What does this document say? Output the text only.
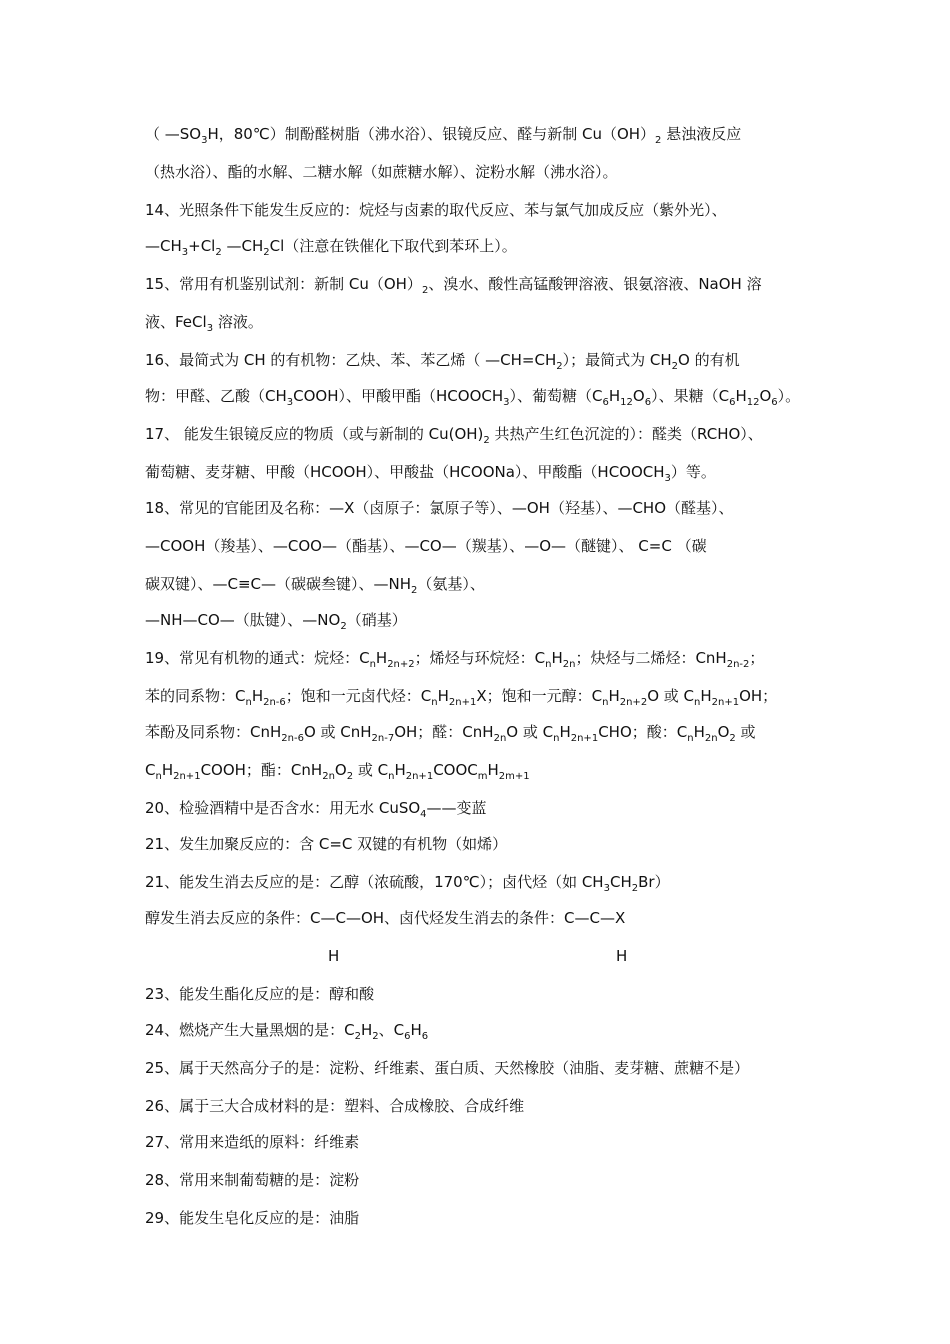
（ $—SO_3H$，80℃）制酚醛树脂（沸水浴）、银镜反应、醛与新制 $Cu(OH)_2$ 悬浊液反应
（热水浴）、酯的水解、二糖水解（如蔗糖水解）、淀粉水解（沸水浴）。
14、光照条件下能发生反应的：烷烃与卤素的取代反应、苯与氯气加成反应（紫外光）、
$—CH_3+Cl_2$ $—CH_2Cl$（注意在铁催化下取代到苯环上）。
15、常用有机鉴别试剂：新制 $Cu(OH)_2$、溴水、酸性高锰酸钾溶液、银氨溶液、NaOH 溶
液、FeCl$_3$ 溶液。
16、最简式为 CH 的有机物：乙炔、苯、苯乙烯（ $—CH=CH_2$）；最简式为 $CH_2O$ 的有机
物：甲醛、乙酸$(CH_3COOH)$、甲酸甲酯$(HCOOCH_3)$、葡萄糖$(C_6H_{12}O_6)$、果糖$(C_6H_{12}O_6)$。
17、 能发生银镜反应的物质（或与新制的 $Cu(OH)_2$ 共热产生红色沉淀的）：醛类（RCHO）、
葡萄糖、麦芽糖、甲酸（HCOOH）、甲酸盐（HCOONa）、甲酸酯$(HCOOCH_3)$等。
18、常见的官能团及名称：—X（卤原子：氯原子等）、—OH（羟基）、—CHO（醛基）、
—COOH（羧基）、—COO—（酯基）、—CO—（羰基）、—O—（醚键）、 C=C （碳
碳双键）、—C≡C—（碳碳叁键）、$—NH_2$（氨基）、
—NH—CO—（肽键）、$—NO_2$（硝基）
19、常见有机物的通式：烷烃：$C_nH_{2n+2}$；烯烃与环烷烃：$C_nH_{2n}$；炔烃与二烯烃：CnH$_{2n-2}$；
苯的同系物：$C_nH_{2n-6}$；饱和一元卤代烃：$C_nH_{2n+1}X$；饱和一元醇：$C_nH_{2n+2}O$ 或 $C_nH_{2n+1}OH$；
苯酚及同系物：CnH$_{2n-6}$O 或 CnH$_{2n-7}$OH；醛：CnH$_{2n}$O 或 $C_nH_{2n+1}CHO$；酸：$C_nH_{2n}O_2$ 或
$C_nH_{2n+1}COOH$；酯：$CnH_{2n}O_2$ 或 $C_nH_{2n+1}COOC_mH_{2m+1}$
20、检验酒精中是否含水：用无水 CuSO$_4$——变蓝
21、发生加聚反应的：含 C=C 双键的有机物（如烯）
21、能发生消去反应的是：乙醇（浓硫酸，170℃）；卤代烃（如 $CH_3CH_2Br$）
醇发生消去反应的条件：C—C—OH、卤代烃发生消去的条件：C—C—X
23、能发生酯化反应的是：醇和酸
24、燃烧产生大量黑烟的是：$C_2H_2$、$C_6H_6$
25、属于天然高分子的是：淀粉、纤维素、蛋白质、天然橡胶（油脂、麦芽糖、蔗糖不是）
26、属于三大合成材料的是：塑料、合成橡胶、合成纤维
27、常用来造纸的原料：纤维素
28、常用来制葡萄糖的是：淀粉
29、能发生皂化反应的是：油脂
H	H
